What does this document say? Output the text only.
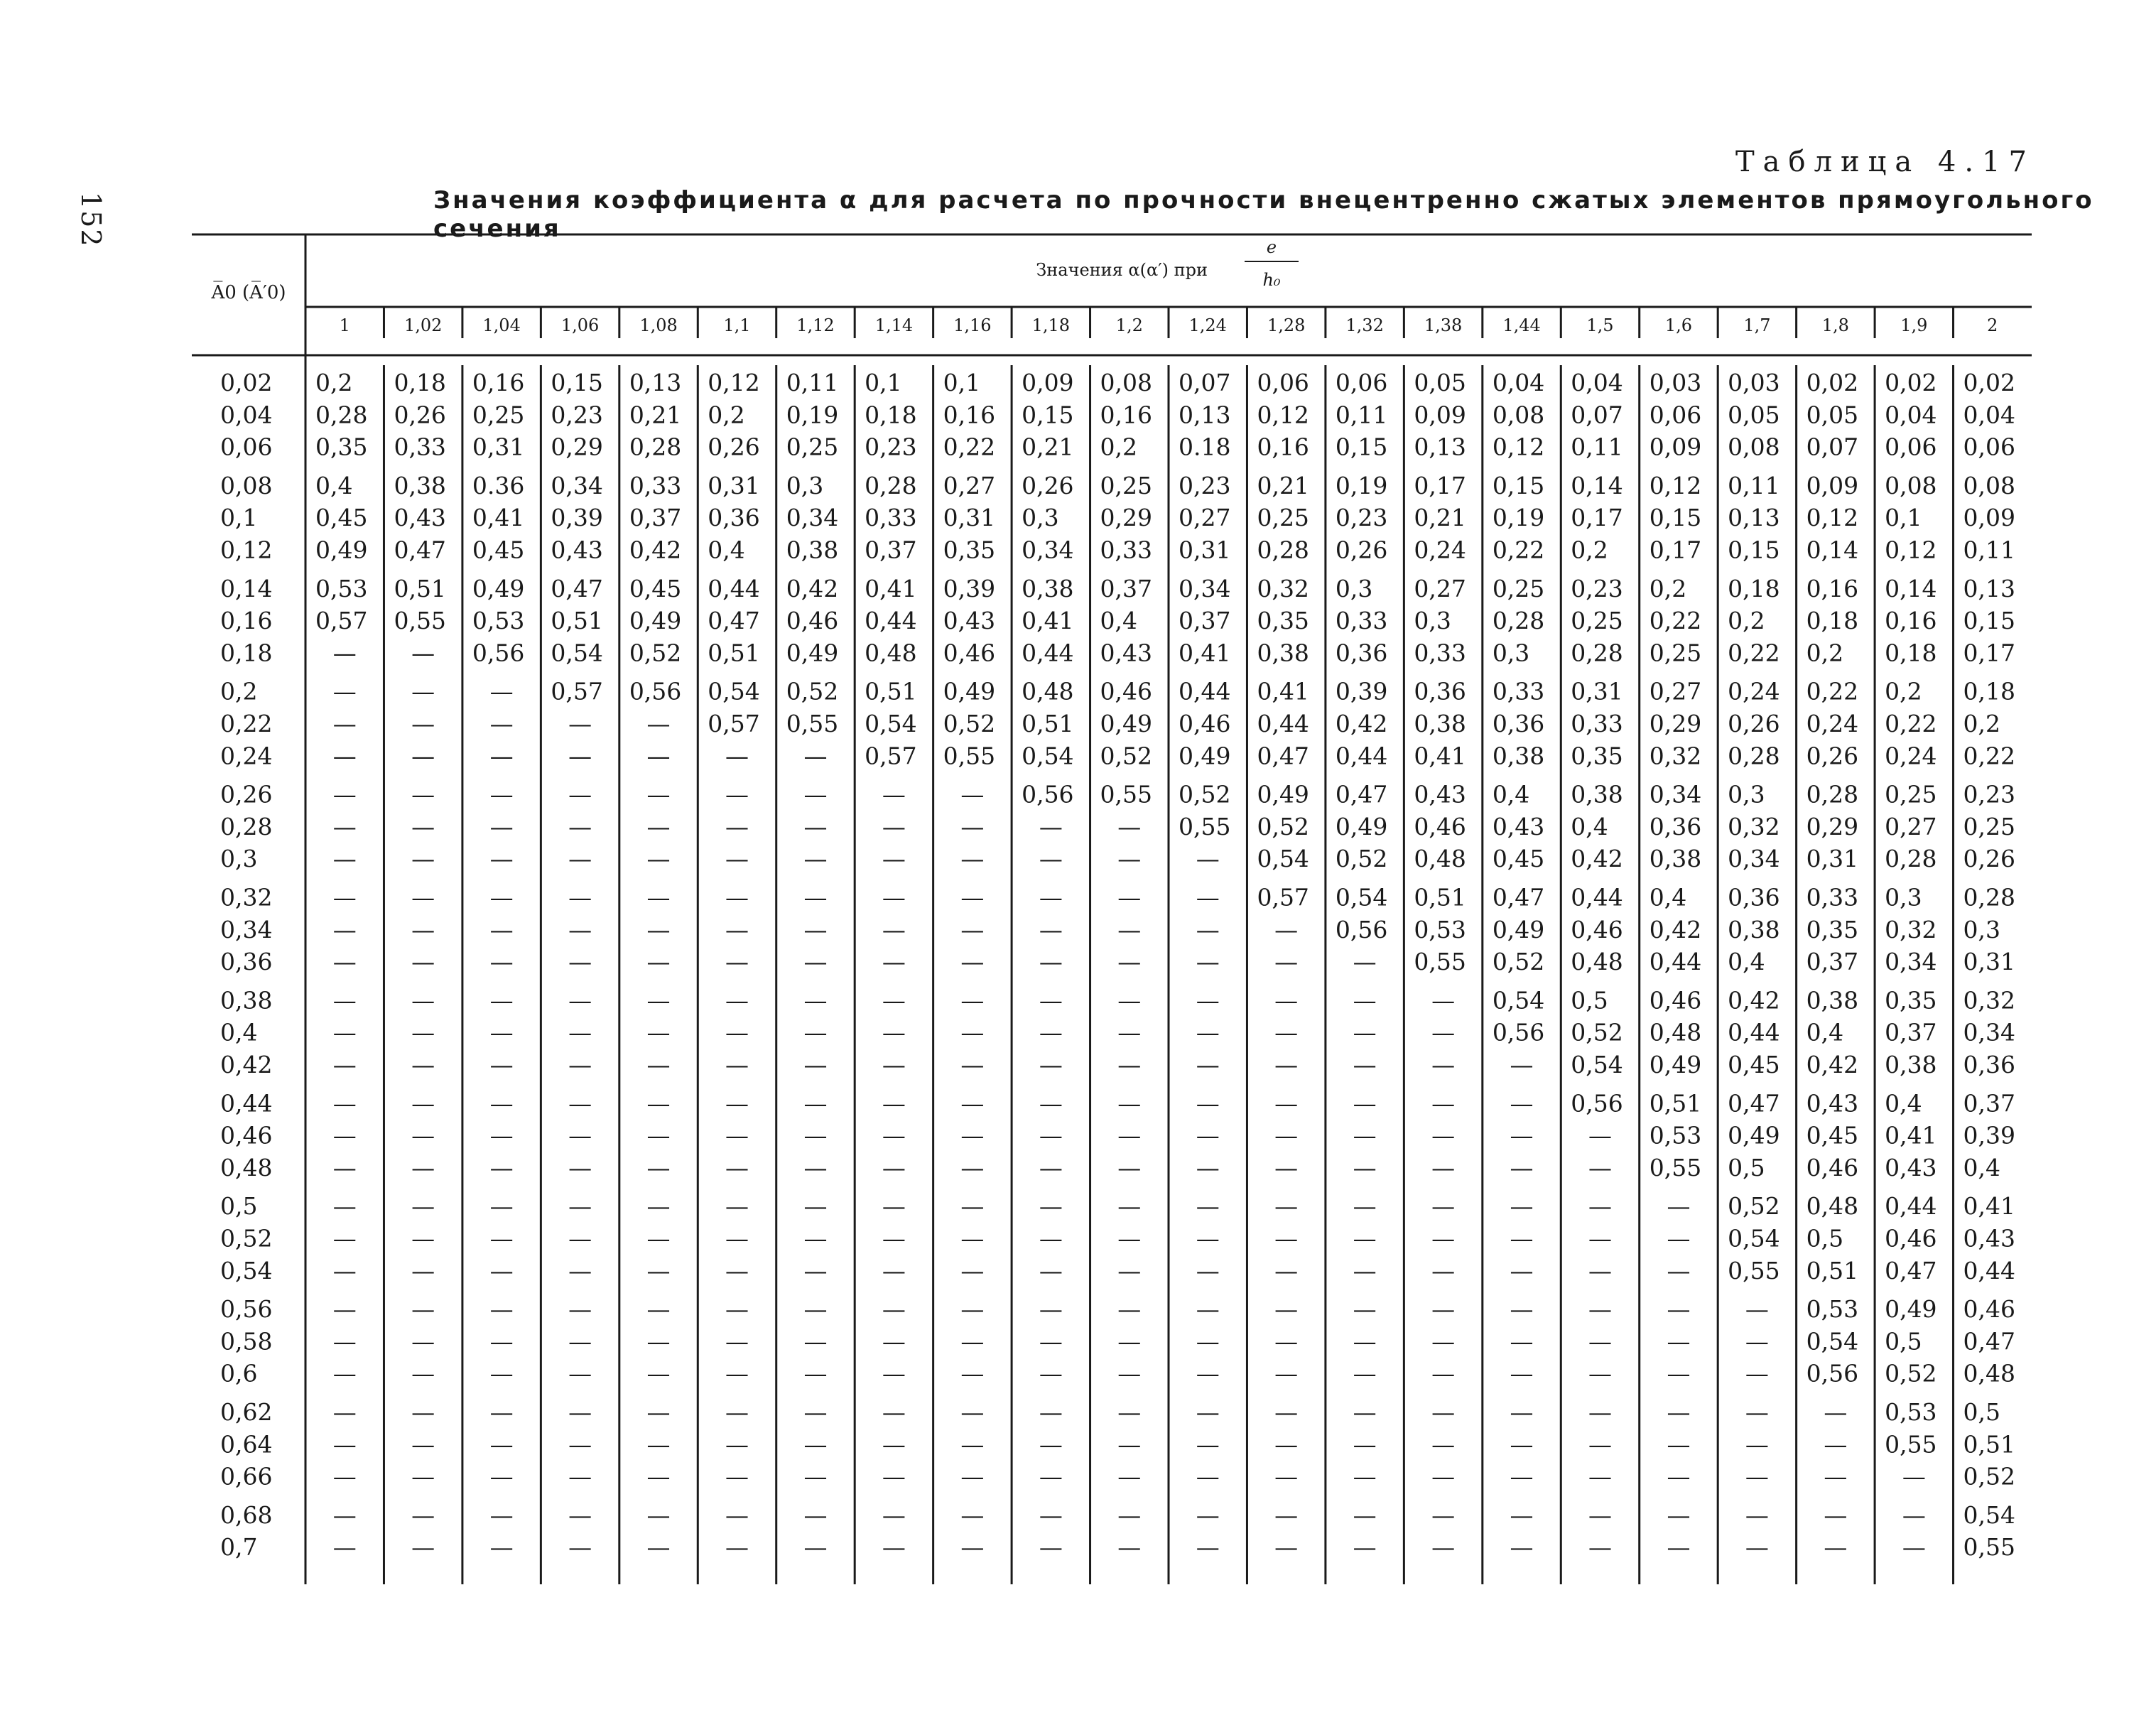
152
Таблица 4.17
Значения коэффициента α для расчета по прочности внецентренно сжатых элементов прямоугольного сечения
A̅0 (A̅′0)
Значения α(α′) при
e
h₀
1	1,02 1,04 1,06 1,08	1,1	1,12 1,14 1,16 1,18	1,2	1,24 1,28 1,32 1,38 1,44	1,5	1,6	1,7	1,8	1,9	2
0,02 0,2 0,18 0,16 0,15 0,13 0,12 0,11 0,1 0,1 0,09 0,08 0,07 0,06 0,06 0,05 0,04 0,04 0,03 0,03 0,02 0,02 0,02
0,04 0,28 0,26 0,25 0,23 0,21 0,2 0,19 0,18 0,16 0,15 0,16 0,13 0,12 0,11 0,09 0,08 0,07 0,06 0,05 0,05 0,04 0,04
0,06 0,35 0,33 0,31 0,29 0,28 0,26 0,25 0,23 0,22 0,21 0,2 0.18 0,16 0,15 0,13 0,12 0,11 0,09 0,08 0,07 0,06 0,06
0,08 0,4 0,38 0.36 0,34 0,33 0,31 0,3 0,28 0,27 0,26 0,25 0,23 0,21 0,19 0,17 0,15 0,14 0,12 0,11 0,09 0,08 0,08
0,1 0,45 0,43 0,41 0,39 0,37 0,36 0,34 0,33 0,31 0,3 0,29 0,27 0,25 0,23 0,21 0,19 0,17 0,15 0,13 0,12 0,1 0,09
0,12 0,49 0,47 0,45 0,43 0,42 0,4 0,38 0,37 0,35 0,34 0,33 0,31 0,28 0,26 0,24 0,22 0,2 0,17 0,15 0,14 0,12 0,11
0,14 0,53 0,51 0,49 0,47 0,45 0,44 0,42 0,41 0,39 0,38 0,37 0,34 0,32 0,3 0,27 0,25 0,23 0,2 0,18 0,16 0,14 0,13
0,16 0,57 0,55 0,53 0,51 0,49 0,47 0,46 0,44 0,43 0,41 0,4 0,37 0,35 0,33 0,3 0,28 0,25 0,22 0,2 0,18 0,16 0,15
0,18	— — 0,56 0,54 0,52 0,51 0,49 0,48 0,46 0,44 0,43 0,41 0,38 0,36 0,33 0,3 0,28 0,25 0,22 0,2 0,18 0,17
0,2	— — — 0,57 0,56 0,54 0,52 0,51 0,49 0,48 0,46 0,44 0,41 0,39 0,36 0,33 0,31 0,27 0,24 0,22 0,2 0,18
0,22	— — — — — 0,57 0,55 0,54 0,52 0,51 0,49 0,46 0,44 0,42 0,38 0,36 0,33 0,29 0,26 0,24 0,22 0,2
0,24	— — — — — — — 0,57 0,55 0,54 0,52 0,49 0,47 0,44 0,41 0,38 0,35 0,32 0,28 0,26 0,24 0,22
0,26	— — — — — — — — — 0,56 0,55 0,52 0,49 0,47 0,43 0,4 0,38 0,34 0,3 0,28 0,25 0,23
0,28	— — — — — — — — — — — 0,55 0,52 0,49 0,46 0,43 0,4 0,36 0,32 0,29 0,27 0,25
0,3	— — — — — — — — — — — — 0,54 0,52 0,48 0,45 0,42 0,38 0,34 0,31 0,28 0,26
0,32	— — — — — — — — — — — — 0,57 0,54 0,51 0,47 0,44 0,4 0,36 0,33 0,3 0,28
0,34	— — — — — — — — — — — — — 0,56 0,53 0,49 0,46 0,42 0,38 0,35 0,32 0,3
0,36	— — — — — — — — — — — — — — 0,55 0,52 0,48 0,44 0,4 0,37 0,34 0,31
0,38	— — — — — — — — — — — — — — — 0,54 0,5 0,46 0,42 0,38 0,35 0,32
0,4	— — — — — — — — — — — — — — — 0,56 0,52 0,48 0,44 0,4 0,37 0,34
0,42	— — — — — — — — — — — — — — — — 0,54 0,49 0,45 0,42 0,38 0,36
0,44	— — — — — — — — — — — — — — — — 0,56 0,51 0,47 0,43 0,4 0,37
0,46	— — — — — — — — — — — — — — — — — 0,53 0,49 0,45 0,41 0,39
0,48	— — — — — — — — — — — — — — — — — 0,55 0,5 0,46 0,43 0,4
0,5	— — — — — — — — — — — — — — — — — — 0,52 0,48 0,44 0,41
0,52	— — — — — — — — — — — — — — — — — — 0,54 0,5 0,46 0,43
0,54	— — — — — — — — — — — — — — — — — — 0,55 0,51 0,47 0,44
0,56	— — — — — — — — — — — — — — — — — — — 0,53 0,49 0,46
0,58	— — — — — — — — — — — — — — — — — — — 0,54 0,5 0,47
0,6	— — — — — — — — — — — — — — — — — — — 0,56 0,52 0,48
0,62	— — — — — — — — — — — — — — — — — — — — 0,53 0,5
0,64	— — — — — — — — — — — — — — — — — — — — 0,55 0,51
0,66	— — — — — — — — — — — — — — — — — — — — — 0,52
0,68	— — — — — — — — — — — — — — — — — — — — — 0,54
0,7	— — — — — — — — — — — — — — — — — — — — — 0,55
